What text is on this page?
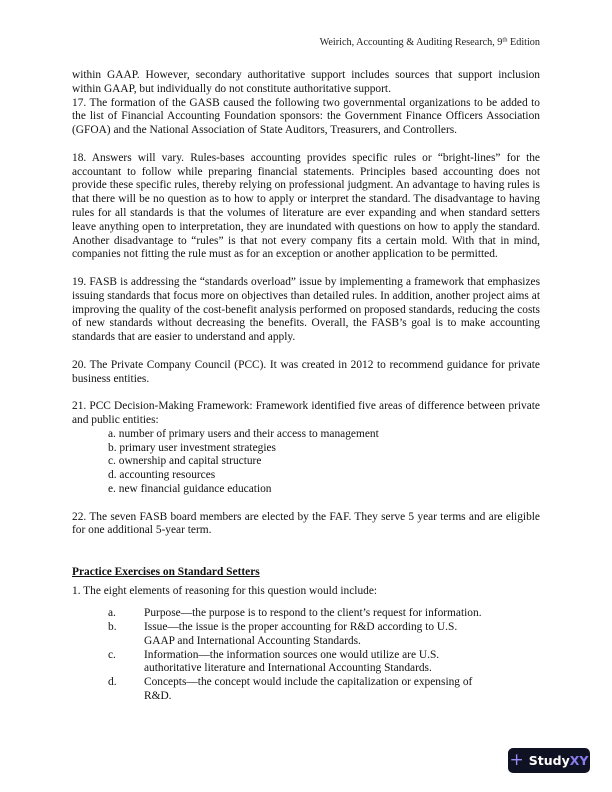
Weirich, Accounting & Auditing Research, 9th Edition

within GAAP. However, secondary authoritative support includes sources that support inclusion within GAAP, but individually do not constitute authoritative support.

17. The formation of the GASB caused the following two governmental organizations to be added to the list of Financial Accounting Foundation sponsors: the Government Finance Officers Association (GFOA) and the National Association of State Auditors, Treasurers, and Controllers.

18. Answers will vary. Rules-bases accounting provides specific rules or “bright-lines” for the accountant to follow while preparing financial statements. Principles based accounting does not provide these specific rules, thereby relying on professional judgment. An advantage to having rules is that there will be no question as to how to apply or interpret the standard. The disadvantage to having rules for all standards is that the volumes of literature are ever expanding and when standard setters leave anything open to interpretation, they are inundated with questions on how to apply the standard. Another disadvantage to “rules” is that not every company fits a certain mold. With that in mind, companies not fitting the rule must as for an exception or another application to be permitted.

19. FASB is addressing the “standards overload” issue by implementing a framework that emphasizes issuing standards that focus more on objectives than detailed rules. In addition, another project aims at improving the quality of the cost-benefit analysis performed on proposed standards, reducing the costs of new standards without decreasing the benefits. Overall, the FASB’s goal is to make accounting standards that are easier to understand and apply.

20. The Private Company Council (PCC). It was created in 2012 to recommend guidance for private business entities.

21. PCC Decision-Making Framework: Framework identified five areas of difference between private and public entities:

a. number of primary users and their access to management
b. primary user investment strategies
c. ownership and capital structure
d. accounting resources
e. new financial guidance education

22. The seven FASB board members are elected by the FAF. They serve 5 year terms and are eligible for one additional 5-year term.

Practice Exercises on Standard Setters

1. The eight elements of reasoning for this question would include:

a.	Purpose—the purpose is to respond to the client’s request for information.
b.	Issue—the issue is the proper accounting for R&D according to U.S. GAAP and International Accounting Standards.
c.	Information—the information sources one would utilize are U.S. authoritative literature and International Accounting Standards.
d.	Concepts—the concept would include the capitalization or expensing of R&D.
+ StudyXY
